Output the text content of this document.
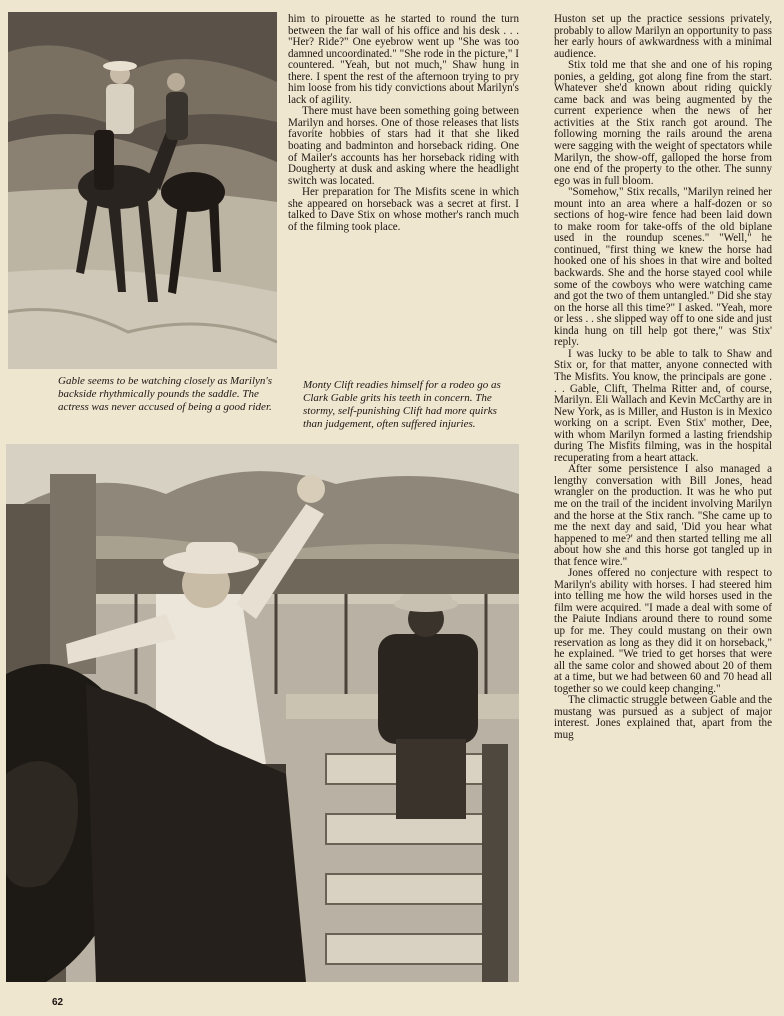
Gable seems to be watching closely as Marilyn's backside rhythmically pounds the saddle. The actress was never accused of being a good rider.

him to pirouette as he started to round the turn between the far wall of his office and his desk . . . "Her? Ride?" One eyebrow went up "She was too damned uncoordinated." "She rode in the picture," I countered. "Yeah, but not much," Shaw hung in there. I spent the rest of the afternoon trying to pry him loose from his tidy convictions about Marilyn's lack of agility.

There must have been something going between Marilyn and horses. One of those releases that lists favorite hobbies of stars had it that she liked boating and badminton and horseback riding. One of Mailer's accounts has her horseback riding with Dougherty at dusk and asking where the headlight switch was located.

Her preparation for The Misfits scene in which she appeared on horseback was a secret at first. I talked to Dave Stix on whose mother's ranch much of the filming took place.

Monty Clift readies himself for a rodeo go as Clark Gable grits his teeth in concern. The stormy, self-punishing Clift had more quirks than judgement, often suffered injuries.

Huston set up the practice sessions privately, probably to allow Marilyn an opportunity to pass her early hours of awkwardness with a minimal audience.

Stix told me that she and one of his roping ponies, a gelding, got along fine from the start. Whatever she'd known about riding quickly came back and was being augmented by the current experience when the news of her activities at the Stix ranch got around. The following morning the rails around the arena were sagging with the weight of spectators while Marilyn, the show-off, galloped the horse from one end of the property to the other. The sunny ego was in full bloom.

"Somehow," Stix recalls, "Marilyn reined her mount into an area where a half-dozen or so sections of hog-wire fence had been laid down to make room for take-offs of the old biplane used in the roundup scenes." "Well," he continued, "first thing we knew the horse had hooked one of his shoes in that wire and bolted backwards. She and the horse stayed cool while some of the cowboys who were watching came and got the two of them untangled." Did she stay on the horse all this time?" I asked. "Yeah, more or less . . she slipped way off to one side and just kinda hung on till help got there," was Stix' reply.

I was lucky to be able to talk to Shaw and Stix or, for that matter, anyone connected with The Misfits. You know, the principals are gone . . . Gable, Clift, Thelma Ritter and, of course, Marilyn. Eli Wallach and Kevin McCarthy are in New York, as is Miller, and Huston is in Mexico working on a script. Even Stix' mother, Dee, with whom Marilyn formed a lasting friendship during The Misfits filming, was in the hospital recuperating from a heart attack.

After some persistence I also managed a lengthy conversation with Bill Jones, head wrangler on the production. It was he who put me on the trail of the incident involving Marilyn and the horse at the Stix ranch. "She came up to me the next day and said, 'Did you hear what happened to me?' and then started telling me all about how she and this horse got tangled up in that fence wire."

Jones offered no conjecture with respect to Marilyn's ability with horses. I had steered him into telling me how the wild horses used in the film were acquired. "I made a deal with some of the Paiute Indians around there to round some up for me. They could mustang on their own reservation as long as they did it on horseback," he explained. "We tried to get horses that were all the same color and showed about 20 of them at a time, but we had between 60 and 70 head all together so we could keep changing."

The climactic struggle between Gable and the mustang was pursued as a subject of major interest. Jones explained that, apart from the mug

62
